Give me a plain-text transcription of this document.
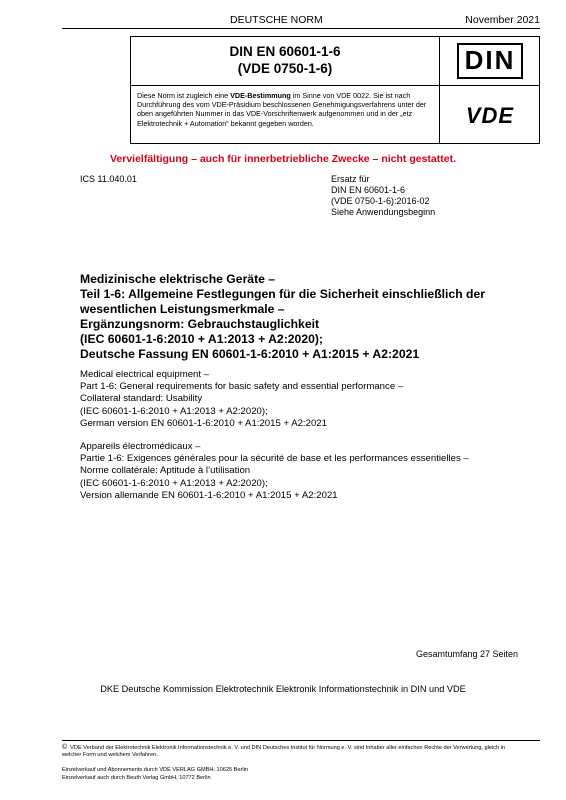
DEUTSCHE NORM	November 2021
DIN EN 60601-1-6
(VDE 0750-1-6)	DIN
Diese Norm ist zugleich eine VDE-Bestimmung im Sinne von VDE 0022. Sie ist nach Durchführung des vom VDE-Präsidium beschlossenen Genehmigungsverfahrens unter der oben angeführten Nummer in das VDE-Vorschriftenwerk aufgenommen und in der „etz Elektrotechnik + Automation“ bekannt gegeben worden.	VDE
Vervielfältigung – auch für innerbetriebliche Zwecke – nicht gestattet.
ICS 11.040.01	Ersatz für
DIN EN 60601-1-6
(VDE 0750-1-6):2016-02
Siehe Anwendungsbeginn
Medizinische elektrische Geräte –
Teil 1-6: Allgemeine Festlegungen für die Sicherheit einschließlich der
wesentlichen Leistungsmerkmale –
Ergänzungsnorm: Gebrauchstauglichkeit
(IEC 60601-1-6:2010 + A1:2013 + A2:2020);
Deutsche Fassung EN 60601-1-6:2010 + A1:2015 + A2:2021
Medical electrical equipment –
Part 1-6: General requirements for basic safety and essential performance –
Collateral standard: Usability
(IEC 60601-1-6:2010 + A1:2013 + A2:2020);
German version EN 60601-1-6:2010 + A1:2015 + A2:2021
Appareils électromédicaux –
Partie 1-6: Exigences générales pour la sécurité de base et les performances essentielles –
Norme collatérale: Aptitude à l’utilisation
(IEC 60601-1-6:2010 + A1:2013 + A2:2020);
Version allemande EN 60601-1-6:2010 + A1:2015 + A2:2021
Gesamtumfang 27 Seiten
DKE Deutsche Kommission Elektrotechnik Elektronik Informationstechnik in DIN und VDE
© VDE Verband der Elektrotechnik Elektronik Informationstechnik e. V. und DIN Deutsches Institut für Normung e. V. sind Inhaber aller einfachen Rechte der Verwertung, gleich in welcher Form und welchem Verfahren.
Einzelverkauf und Abonnements durch VDE VERLAG GMBH, 10625 Berlin
Einzelverkauf auch durch Beuth Verlag GmbH, 10772 Berlin
